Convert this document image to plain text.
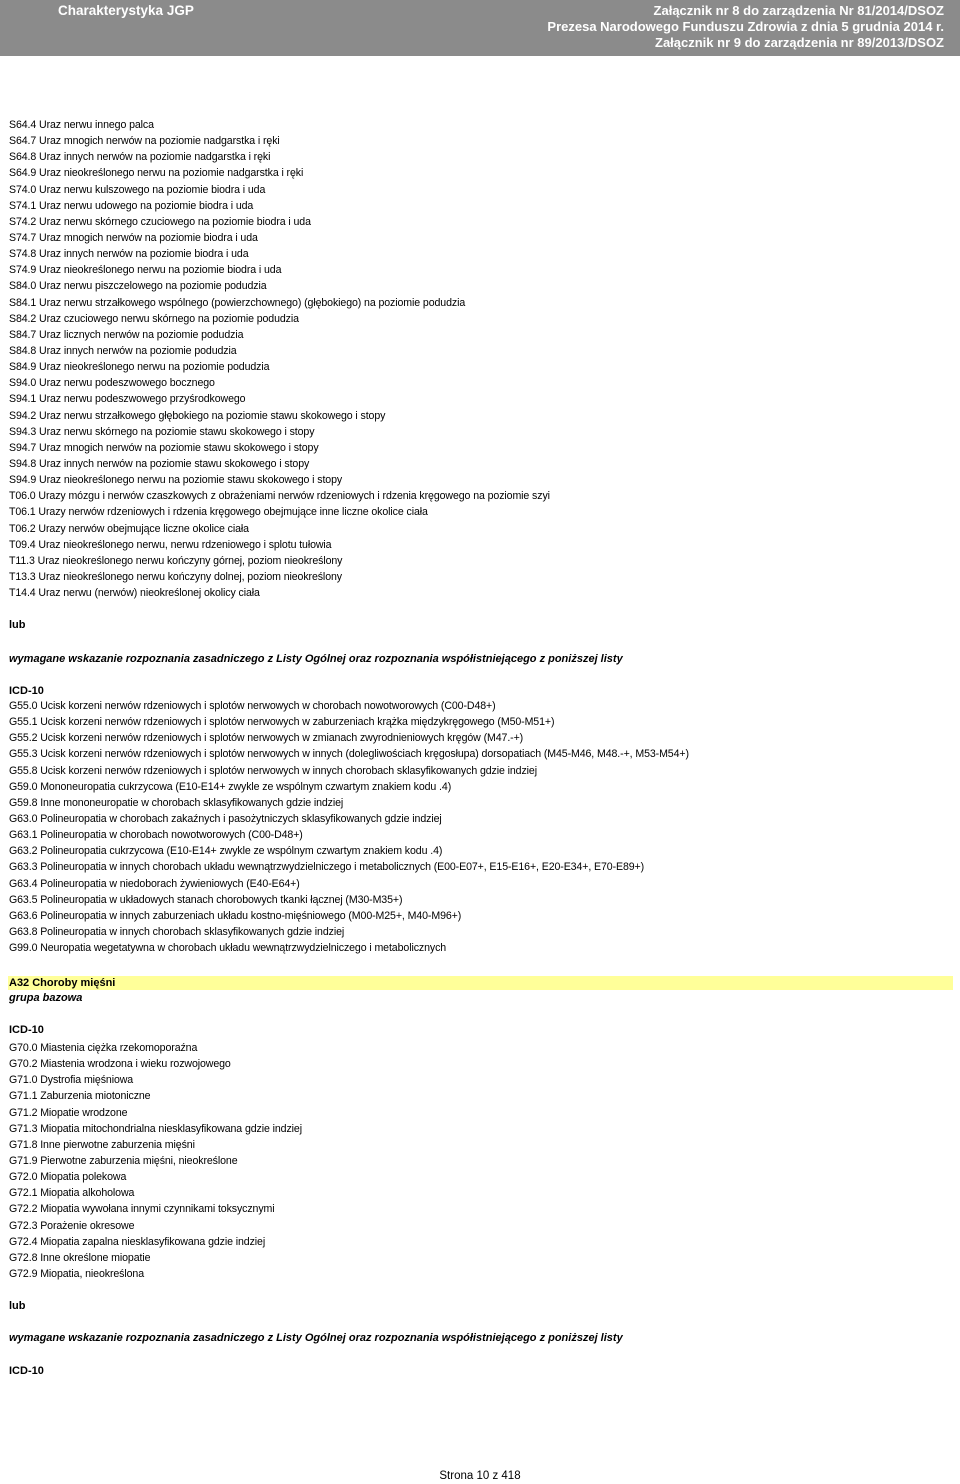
Charakterystyka JGP	Załącznik nr 8 do zarządzenia Nr 81/2014/DSOZ
Prezesa Narodowego Funduszu Zdrowia z dnia 5 grudnia 2014 r.
Załącznik nr 9 do zarządzenia nr 89/2013/DSOZ
S64.4 Uraz nerwu innego palca
S64.7 Uraz mnogich nerwów na poziomie nadgarstka i ręki
S64.8 Uraz innych nerwów na poziomie nadgarstka i ręki
S64.9 Uraz nieokreślonego nerwu na poziomie nadgarstka i ręki
S74.0 Uraz nerwu kulszowego na poziomie biodra i uda
S74.1 Uraz nerwu udowego na poziomie biodra i uda
S74.2 Uraz nerwu skórnego czuciowego na poziomie biodra i uda
S74.7 Uraz mnogich nerwów na poziomie biodra i uda
S74.8 Uraz innych nerwów na poziomie biodra i uda
S74.9 Uraz nieokreślonego nerwu na poziomie biodra i uda
S84.0 Uraz nerwu piszczelowego na poziomie podudzia
S84.1 Uraz nerwu strzałkowego wspólnego (powierzchownego) (głębokiego) na poziomie podudzia
S84.2 Uraz czuciowego nerwu skórnego na poziomie podudzia
S84.7 Uraz licznych nerwów na poziomie podudzia
S84.8 Uraz innych nerwów na poziomie podudzia
S84.9 Uraz nieokreślonego nerwu na poziomie podudzia
S94.0 Uraz nerwu podeszwowego bocznego
S94.1 Uraz nerwu podeszwowego przyśrodkowego
S94.2 Uraz nerwu strzałkowego głębokiego na poziomie stawu skokowego i stopy
S94.3 Uraz nerwu skórnego na poziomie stawu skokowego i stopy
S94.7 Uraz mnogich nerwów na poziomie stawu skokowego i stopy
S94.8 Uraz innych nerwów na poziomie stawu skokowego i stopy
S94.9 Uraz nieokreślonego nerwu na poziomie stawu skokowego i stopy
T06.0 Urazy mózgu i nerwów czaszkowych z obrażeniami nerwów rdzeniowych i rdzenia kręgowego na poziomie szyi
T06.1 Urazy nerwów rdzeniowych i rdzenia kręgowego obejmujące inne liczne okolice ciała
T06.2 Urazy nerwów obejmujące liczne okolice ciała
T09.4 Uraz nieokreślonego nerwu, nerwu rdzeniowego i splotu tułowia
T11.3 Uraz nieokreślonego nerwu kończyny górnej, poziom nieokreślony
T13.3 Uraz nieokreślonego nerwu kończyny dolnej, poziom nieokreślony
T14.4 Uraz nerwu (nerwów) nieokreślonej okolicy ciała
lub
wymagane wskazanie rozpoznania zasadniczego z Listy Ogólnej oraz rozpoznania współistniejącego z poniższej listy
ICD-10
G55.0 Ucisk korzeni nerwów rdzeniowych i splotów nerwowych w chorobach nowotworowych (C00-D48+)
G55.1 Ucisk korzeni nerwów rdzeniowych i splotów nerwowych w zaburzeniach krążka międzykręgowego (M50-M51+)
G55.2 Ucisk korzeni nerwów rdzeniowych i splotów nerwowych w zmianach zwyrodnieniowych kręgów (M47.-+)
G55.3 Ucisk korzeni nerwów rdzeniowych i splotów nerwowych w innych (dolegliwościach kręgosłupa) dorsopatiach (M45-M46, M48.-+, M53-M54+)
G55.8 Ucisk korzeni nerwów rdzeniowych i splotów nerwowych w innych chorobach sklasyfikowanych gdzie indziej
G59.0 Mononeuropatia cukrzycowa (E10-E14+ zwykle ze wspólnym czwartym znakiem kodu .4)
G59.8 Inne mononeuropatie w chorobach sklasyfikowanych gdzie indziej
G63.0 Polineuropatia w chorobach zakaźnych i pasożytniczych sklasyfikowanych gdzie indziej
G63.1 Polineuropatia w chorobach nowotworowych (C00-D48+)
G63.2 Polineuropatia cukrzycowa (E10-E14+ zwykle ze wspólnym czwartym znakiem kodu .4)
G63.3 Polineuropatia w innych chorobach układu wewnątrzwydzielniczego i metabolicznych (E00-E07+, E15-E16+, E20-E34+, E70-E89+)
G63.4 Polineuropatia w niedoborach żywieniowych (E40-E64+)
G63.5 Polineuropatia w układowych stanach chorobowych tkanki łącznej (M30-M35+)
G63.6 Polineuropatia w innych zaburzeniach układu kostno-mięśniowego (M00-M25+, M40-M96+)
G63.8 Polineuropatia w innych chorobach sklasyfikowanych gdzie indziej
G99.0 Neuropatia wegetatywna w chorobach układu wewnątrzwydzielniczego i metabolicznych
A32 Choroby mięśni
grupa bazowa
ICD-10
G70.0 Miastenia ciężka rzekomoporaźna
G70.2 Miastenia wrodzona i wieku rozwojowego
G71.0 Dystrofia mięśniowa
G71.1 Zaburzenia miotoniczne
G71.2 Miopatie wrodzone
G71.3 Miopatia mitochondrialna niesklasyfikowana gdzie indziej
G71.8 Inne pierwotne zaburzenia mięśni
G71.9 Pierwotne zaburzenia mięśni, nieokreślone
G72.0 Miopatia polekowa
G72.1 Miopatia alkoholowa
G72.2 Miopatia wywołana innymi czynnikami toksycznymi
G72.3 Porażenie okresowe
G72.4 Miopatia zapalna niesklasyfikowana gdzie indziej
G72.8 Inne określone miopatie
G72.9 Miopatia, nieokreślona
lub
wymagane wskazanie rozpoznania zasadniczego z Listy Ogólnej oraz rozpoznania współistniejącego z poniższej listy
ICD-10
Strona 10 z 418
